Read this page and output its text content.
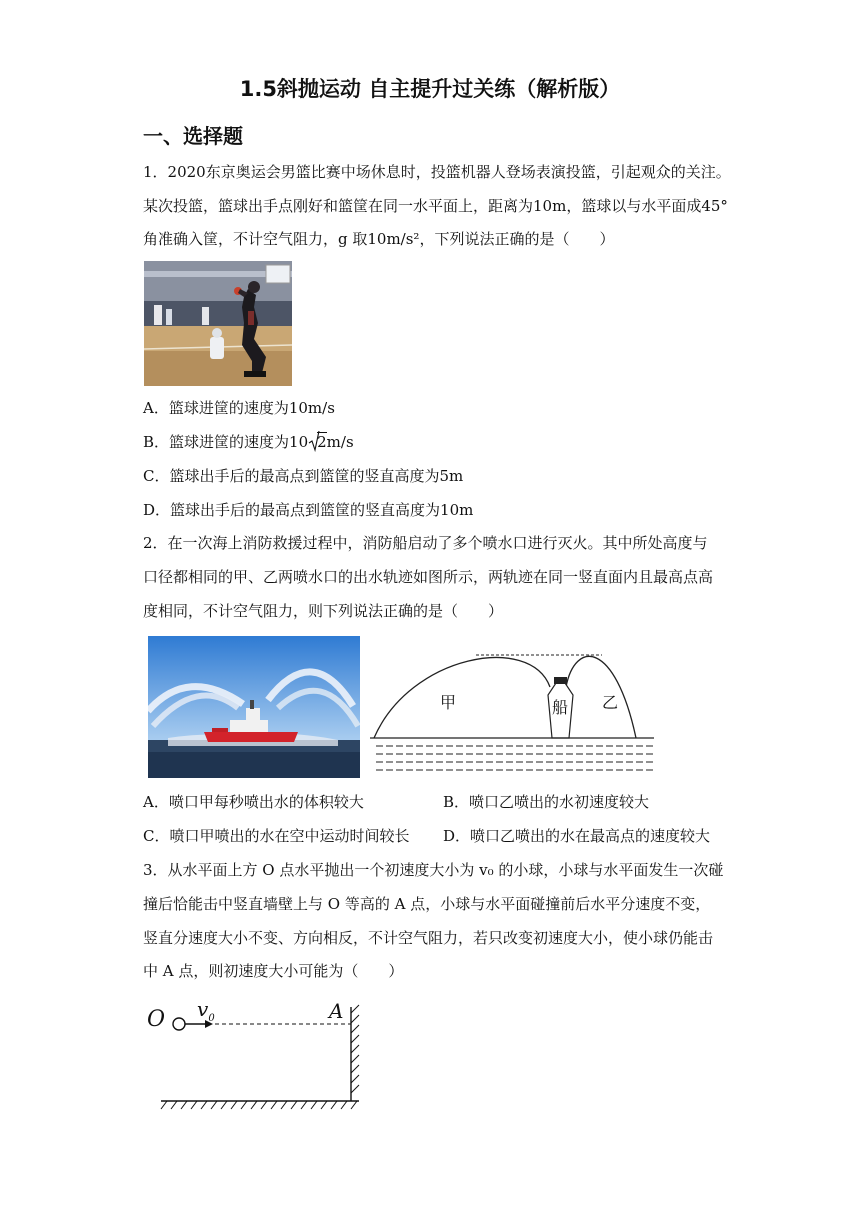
1.5斜抛运动 自主提升过关练（解析版）
一、选择题
1．2020东京奥运会男篮比赛中场休息时，投篮机器人登场表演投篮，引起观众的关注。
某次投篮，篮球出手点刚好和篮筐在同一水平面上，距离为10m，篮球以与水平面成45°
角准确入筐，不计空气阻力，g 取10m/s²，下列说法正确的是（　　）
A．篮球进筐的速度为10m/s
B．篮球进筐的速度为10 2m/s
C．篮球出手后的最高点到篮筐的竖直高度为5m
D．篮球出手后的最高点到篮筐的竖直高度为10m
2．在一次海上消防救援过程中，消防船启动了多个喷水口进行灭火。其中所处高度与
口径都相同的甲、乙两喷水口的出水轨迹如图所示，两轨迹在同一竖直面内且最高点高
度相同，不计空气阻力，则下列说法正确的是（　　）
甲	船 乙
A．喷口甲每秒喷出水的体积较大	B．喷口乙喷出的水初速度较大
C．喷口甲喷出的水在空中运动时间较长 D．喷口乙喷出的水在最高点的速度较大
3．从水平面上方 O 点水平抛出一个初速度大小为 v₀ 的小球，小球与水平面发生一次碰
撞后恰能击中竖直墙壁上与 O 等高的 A 点，小球与水平面碰撞前后水平分速度不变，
竖直分速度大小不变、方向相反，不计空气阻力，若只改变初速度大小，使小球仍能击
中 A 点，则初速度大小可能为（　　）
O $v_0$	A
